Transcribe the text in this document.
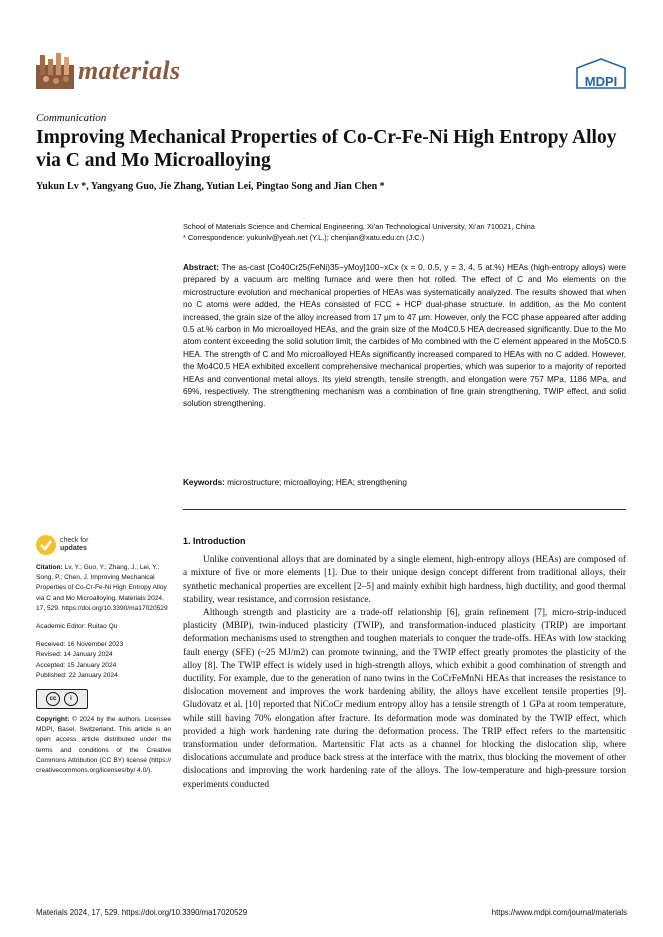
materials	MDPI
Communication
Improving Mechanical Properties of Co-Cr-Fe-Ni High Entropy Alloy via C and Mo Microalloying
Yukun Lv *, Yangyang Guo, Jie Zhang, Yutian Lei, Pingtao Song and Jian Chen *
School of Materials Science and Chemical Engineering, Xi’an Technological University, Xi’an 710021, China
* Correspondence: yukunlv@yeah.net (Y.L.); chenjian@xatu.edu.cn (J.C.)
Abstract: The as-cast [Co40Cr25(FeNi)35−yMoy]100−xCx (x = 0, 0.5, y = 3, 4, 5 at.%) HEAs (high-entropy alloys) were prepared by a vacuum arc melting furnace and were then hot rolled. The effect of C and Mo elements on the microstructure evolution and mechanical properties of HEAs was systematically analyzed. The results showed that when no C atoms were added, the HEAs consisted of FCC + HCP dual-phase structure. In addition, as the Mo content increased, the grain size of the alloy increased from 17 μm to 47 μm. However, only the FCC phase appeared after adding 0.5 at.% carbon in Mo microalloyed HEAs, and the grain size of the Mo4C0.5 HEA decreased significantly. Due to the Mo atom content exceeding the solid solution limit, the carbides of Mo combined with the C element appeared in the Mo5C0.5 HEA. The strength of C and Mo microalloyed HEAs significantly increased compared to HEAs with no C added. However, the Mo4C0.5 HEA exhibited excellent comprehensive mechanical properties, which was superior to a majority of reported HEAs and conventional metal alloys. Its yield strength, tensile strength, and elongation were 757 MPa, 1186 MPa, and 69%, respectively. The strengthening mechanism was a combination of fine grain strengthening, TWIP effect, and solid solution strengthening.
Keywords: microstructure; microalloying; HEA; strengthening
check for
updates
Citation: Lv, Y.; Guo, Y.; Zhang, J.; Lei, Y.; Song, P.; Chen, J. Improving Mechanical Properties of Co-Cr-Fe-Ni High Entropy Alloy via C and Mo Microalloying. Materials 2024, 17, 529. https://doi.org/10.3390/ma17020529
Academic Editor: Ruitao Qu
Received: 16 November 2023
Revised: 14 January 2024
Accepted: 15 January 2024
Published: 22 January 2024
cc	i
Copyright: © 2024 by the authors. Licensee MDPI, Basel, Switzerland. This article is an open access article distributed under the terms and conditions of the Creative Commons Attribution (CC BY) license (https:// creativecommons.org/licenses/by/ 4.0/).
1. Introduction

Unlike conventional alloys that are dominated by a single element, high-entropy alloys (HEAs) are composed of a mixture of five or more elements [1]. Due to their unique design concept different from traditional alloys, their synthetic mechanical properties are excellent [2–5] and mainly exhibit high hardness, high ductility, and good thermal stability, wear resistance, and corrosion resistance.

Although strength and plasticity are a trade-off relationship [6], grain refinement [7], micro-strip-induced plasticity (MBIP), twin-induced plasticity (TWIP), and transformation-induced plasticity (TRIP) are important deformation mechanisms used to strengthen and toughen materials to conquer the trade-offs. HEAs with low stacking fault energy (SFE) (~25 MJ/m2) can promote twinning, and the TWIP effect greatly promotes the plasticity of the alloy [8]. The TWIP effect is widely used in high-strength alloys, which exhibit a good combination of strength and ductility. For example, due to the generation of nano twins in the CoCrFeMnNi HEAs that increases the resistance to dislocation movement and improves the work hardening ability, the alloys have excellent tensile properties [9]. Gludovatz et al. [10] reported that NiCoCr medium entropy alloy has a tensile strength of 1 GPa at room temperature, while still having 70% elongation after fracture. Its deformation mode was dominated by the TWIP effect, which provided a high work hardening rate during the deformation process. The TRIP effect refers to the martensitic transformation under deformation. Martensitic Flat acts as a channel for blocking the dislocation slip, where dislocations accumulate and produce back stress at the interface with the matrix, thus blocking the movement of other dislocations and improving the work hardening rate of the alloys. The low-temperature and high-pressure torsion experiments conducted

Materials 2024, 17, 529. https://doi.org/10.3390/ma17020529	https://www.mdpi.com/journal/materials
